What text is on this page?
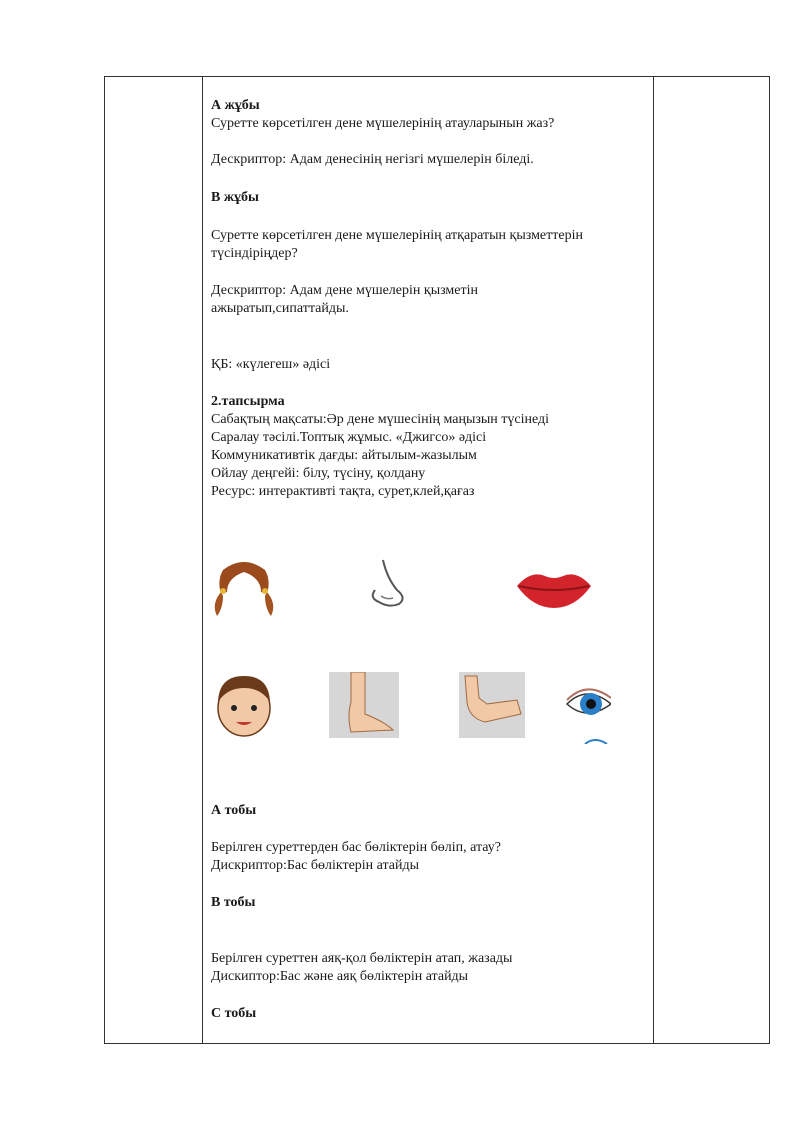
А жұбы
Суретте көрсетілген дене мүшелерінің атауларынын жаз?
Дескриптор: Адам денесінің негізгі мүшелерін біледі.
В жұбы
Суретте көрсетілген дене мүшелерінің атқаратын қызметтерін
түсіндіріңдер?
Дескриптор: Адам дене мүшелерін қызметін
ажыратып,сипаттайды.
ҚБ: «күлегеш» әдісі
2.тапсырма
Сабақтың мақсаты:Әр дене мүшесінің маңызын түсінеді
Саралау тәсілі.Топтық жұмыс. «Джигсо» әдісі
Коммуникативтік дағды: айтылым-жазылым
Ойлау деңгейі: білу, түсіну, қолдану
Ресурс: интерактивті тақта, сурет,клей,қағаз
А тобы
Берілген суреттерден бас бөліктерін бөліп, атау?
Дискриптор:Бас бөліктерін атайды
В тобы
Берілген суреттен аяқ-қол бөліктерін атап, жазады
Дискиптор:Бас және аяқ бөліктерін атайды
С тобы
